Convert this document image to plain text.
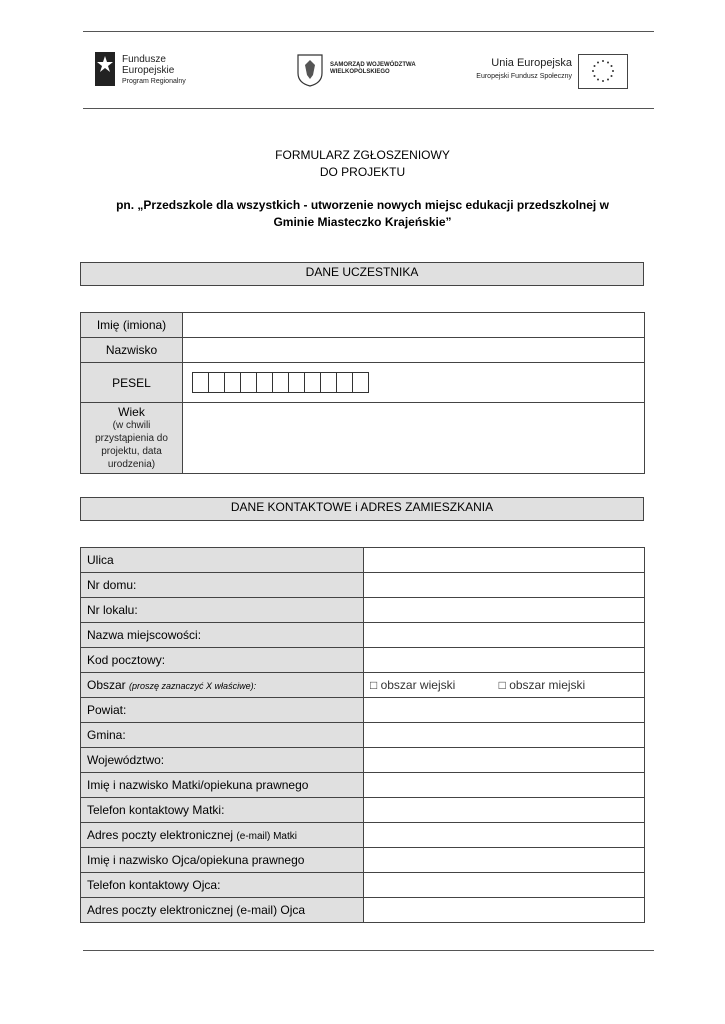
Fundusze
Europejskie
Program Regionalny
SAMORZĄD WOJEWÓDZTWA
WIELKOPOLSKIEGO
Unia Europejska
Europejski Fundusz Społeczny
FORMULARZ ZGŁOSZENIOWY
DO PROJEKTU
pn. „Przedszkole dla wszystkich - utworzenie nowych miejsc edukacji przedszkolnej w Gminie Miasteczko Krajeńskie”
DANE UCZESTNIKA
Imię (imiona)	
Nazwisko	
PESEL	

Wiek
(w chwili przystąpienia do projektu, data urodzenia)	

DANE KONTAKTOWE i ADRES ZAMIESZKANIA
Ulica	
Nr domu:	
Nr lokalu:	
Nazwa miejscowości:	
Kod pocztowy:	
Obszar (proszę zaznaczyć X właściwe):	□ obszar wiejski □ obszar miejski
Powiat:	
Gmina:	
Województwo:	
Imię i nazwisko Matki/opiekuna prawnego	
Telefon kontaktowy Matki:	
Adres poczty elektronicznej (e-mail) Matki	
Imię i nazwisko Ojca/opiekuna prawnego	
Telefon kontaktowy Ojca:	
Adres poczty elektronicznej (e-mail) Ojca	
